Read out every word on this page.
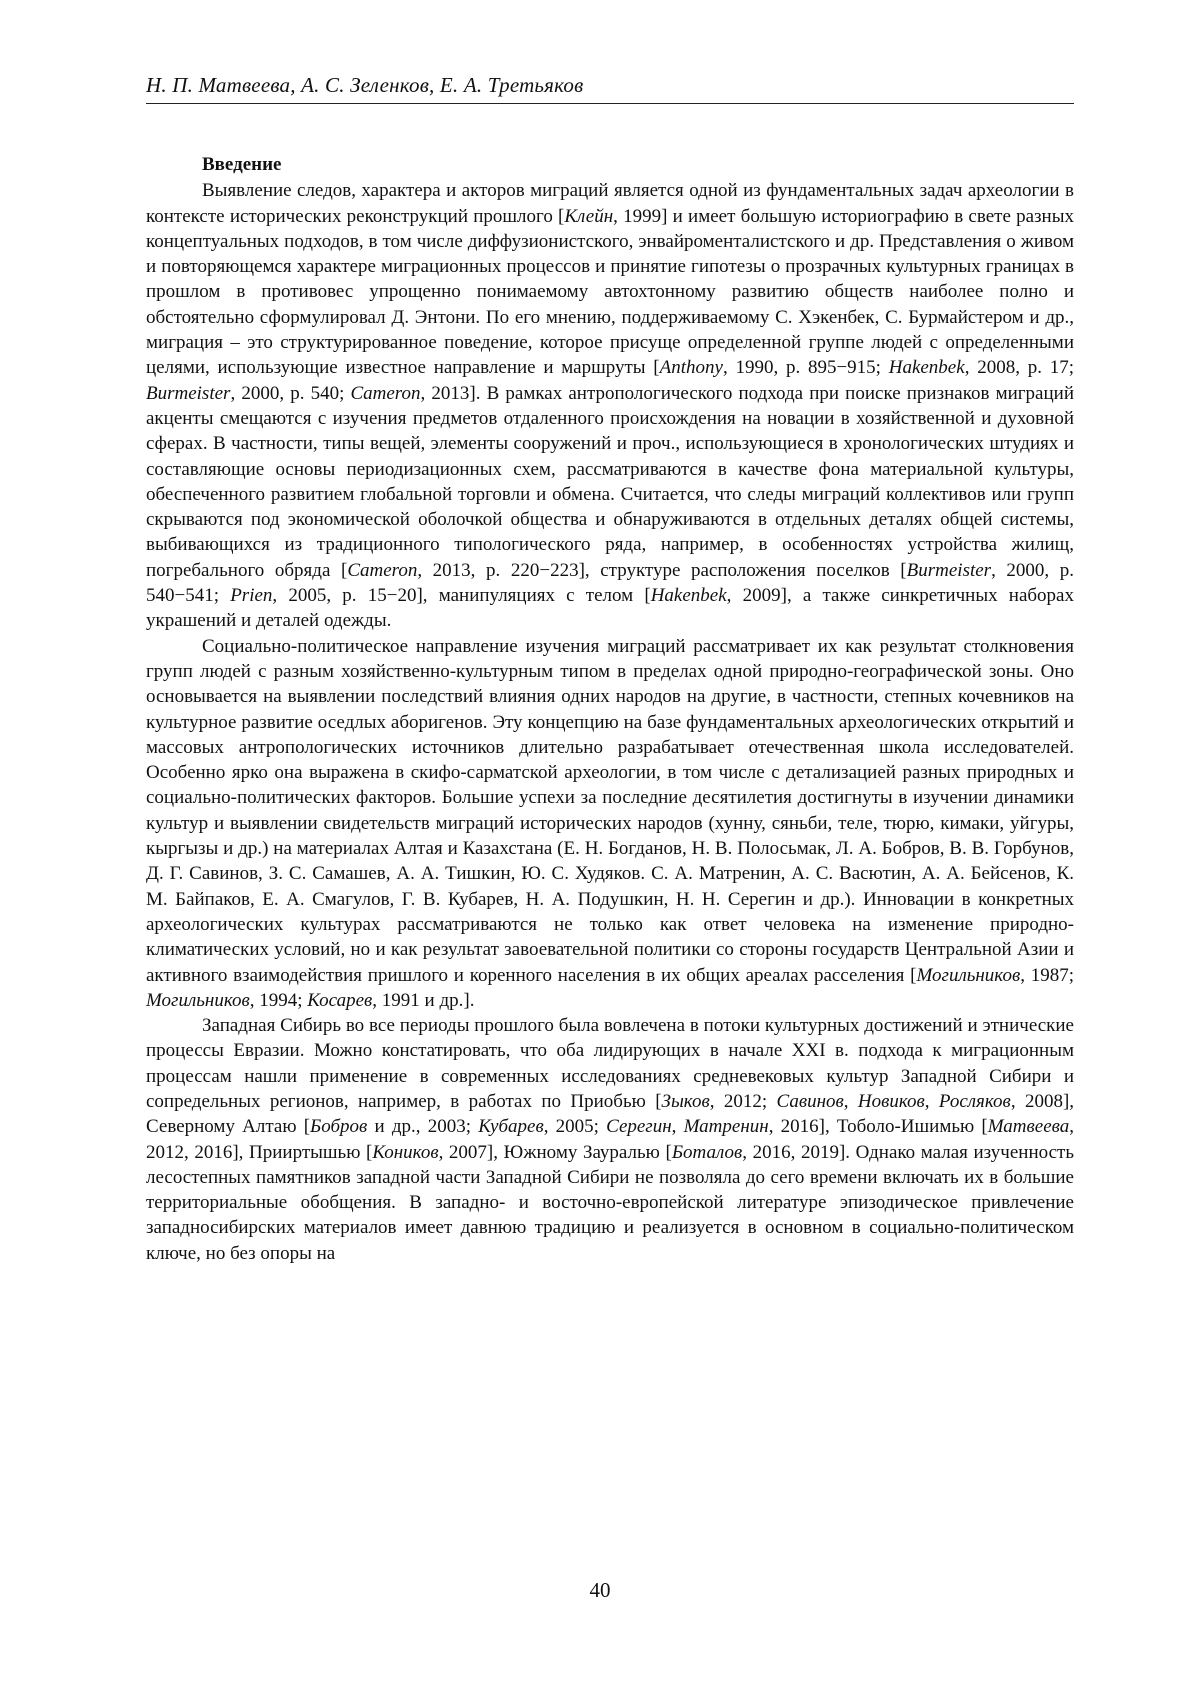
Н. П. Матвеева, А. С. Зеленков, Е. А. Третьяков
Введение

Выявление следов, характера и акторов миграций является одной из фундаментальных задач археологии в контексте исторических реконструкций прошлого [Клейн, 1999] и имеет большую историографию в свете разных концептуальных подходов, в том числе диффузионистского, энвайроменталистского и др. Представления о живом и повторяющемся характере миграционных процессов и принятие гипотезы о прозрачных культурных границах в прошлом в противовес упрощенно понимаемому автохтонному развитию обществ наиболее полно и обстоятельно сформулировал Д. Энтони. По его мнению, поддерживаемому С. Хэкенбек, С. Бурмайстером и др., миграция – это структурированное поведение, которое присуще определенной группе людей с определенными целями, использующие известное направление и маршруты [Anthony, 1990, p. 895−915; Hakenbek, 2008, p. 17; Burmeister, 2000, p. 540; Cameron, 2013]. В рамках антропологического подхода при поиске признаков миграций акценты смещаются с изучения предметов отдаленного происхождения на новации в хозяйственной и духовной сферах. В частности, типы вещей, элементы сооружений и проч., использующиеся в хронологических штудиях и составляющие основы периодизационных схем, рассматриваются в качестве фона материальной культуры, обеспеченного развитием глобальной торговли и обмена. Считается, что следы миграций коллективов или групп скрываются под экономической оболочкой общества и обнаруживаются в отдельных деталях общей системы, выбивающихся из традиционного типологического ряда, например, в особенностях устройства жилищ, погребального обряда [Cameron, 2013, p. 220−223], структуре расположения поселков [Burmeister, 2000, p. 540−541; Prien, 2005, p. 15−20], манипуляциях с телом [Hakenbek, 2009], а также синкретичных наборах украшений и деталей одежды.

Социально-политическое направление изучения миграций рассматривает их как результат столкновения групп людей с разным хозяйственно-культурным типом в пределах одной природно-географической зоны. Оно основывается на выявлении последствий влияния одних народов на другие, в частности, степных кочевников на культурное развитие оседлых аборигенов. Эту концепцию на базе фундаментальных археологических открытий и массовых антропологических источников длительно разрабатывает отечественная школа исследователей. Особенно ярко она выражена в скифо-сарматской археологии, в том числе с детализацией разных природных и социально-политических факторов. Большие успехи за последние десятилетия достигнуты в изучении динамики культур и выявлении свидетельств миграций исторических народов (хунну, сяньби, теле, тюрю, кимаки, уйгуры, кыргызы и др.) на материалах Алтая и Казахстана (Е. Н. Богданов, Н. В. Полосьмак, Л. А. Бобров, В. В. Горбунов, Д. Г. Савинов, З. С. Самашев, А. А. Тишкин, Ю. С. Худяков. С. А. Матренин, А. С. Васютин, А. А. Бейсенов, К. М. Байпаков, Е. А. Смагулов, Г. В. Кубарев, Н. А. Подушкин, Н. Н. Серегин и др.). Инновации в конкретных археологических культурах рассматриваются не только как ответ человека на изменение природно-климатических условий, но и как результат завоевательной политики со стороны государств Центральной Азии и активного взаимодействия пришлого и коренного населения в их общих ареалах расселения [Могильников, 1987; Могильников, 1994; Косарев, 1991 и др.].

Западная Сибирь во все периоды прошлого была вовлечена в потоки культурных достижений и этнические процессы Евразии. Можно констатировать, что оба лидирующих в начале XXI в. подхода к миграционным процессам нашли применение в современных исследованиях средневековых культур Западной Сибири и сопредельных регионов, например, в работах по Приобью [Зыков, 2012; Савинов, Новиков, Росляков, 2008], Северному Алтаю [Бобров и др., 2003; Кубарев, 2005; Серегин, Матренин, 2016], Тоболо-Ишимью [Матвеева, 2012, 2016], Прииртышью [Коников, 2007], Южному Зауралью [Боталов, 2016, 2019]. Однако малая изученность лесостепных памятников западной части Западной Сибири не позволяла до сего времени включать их в большие территориальные обобщения. В западно- и восточно-европейской литературе эпизодическое привлечение западносибирских материалов имеет давнюю традицию и реализуется в основном в социально-политическом ключе, но без опоры на

40
